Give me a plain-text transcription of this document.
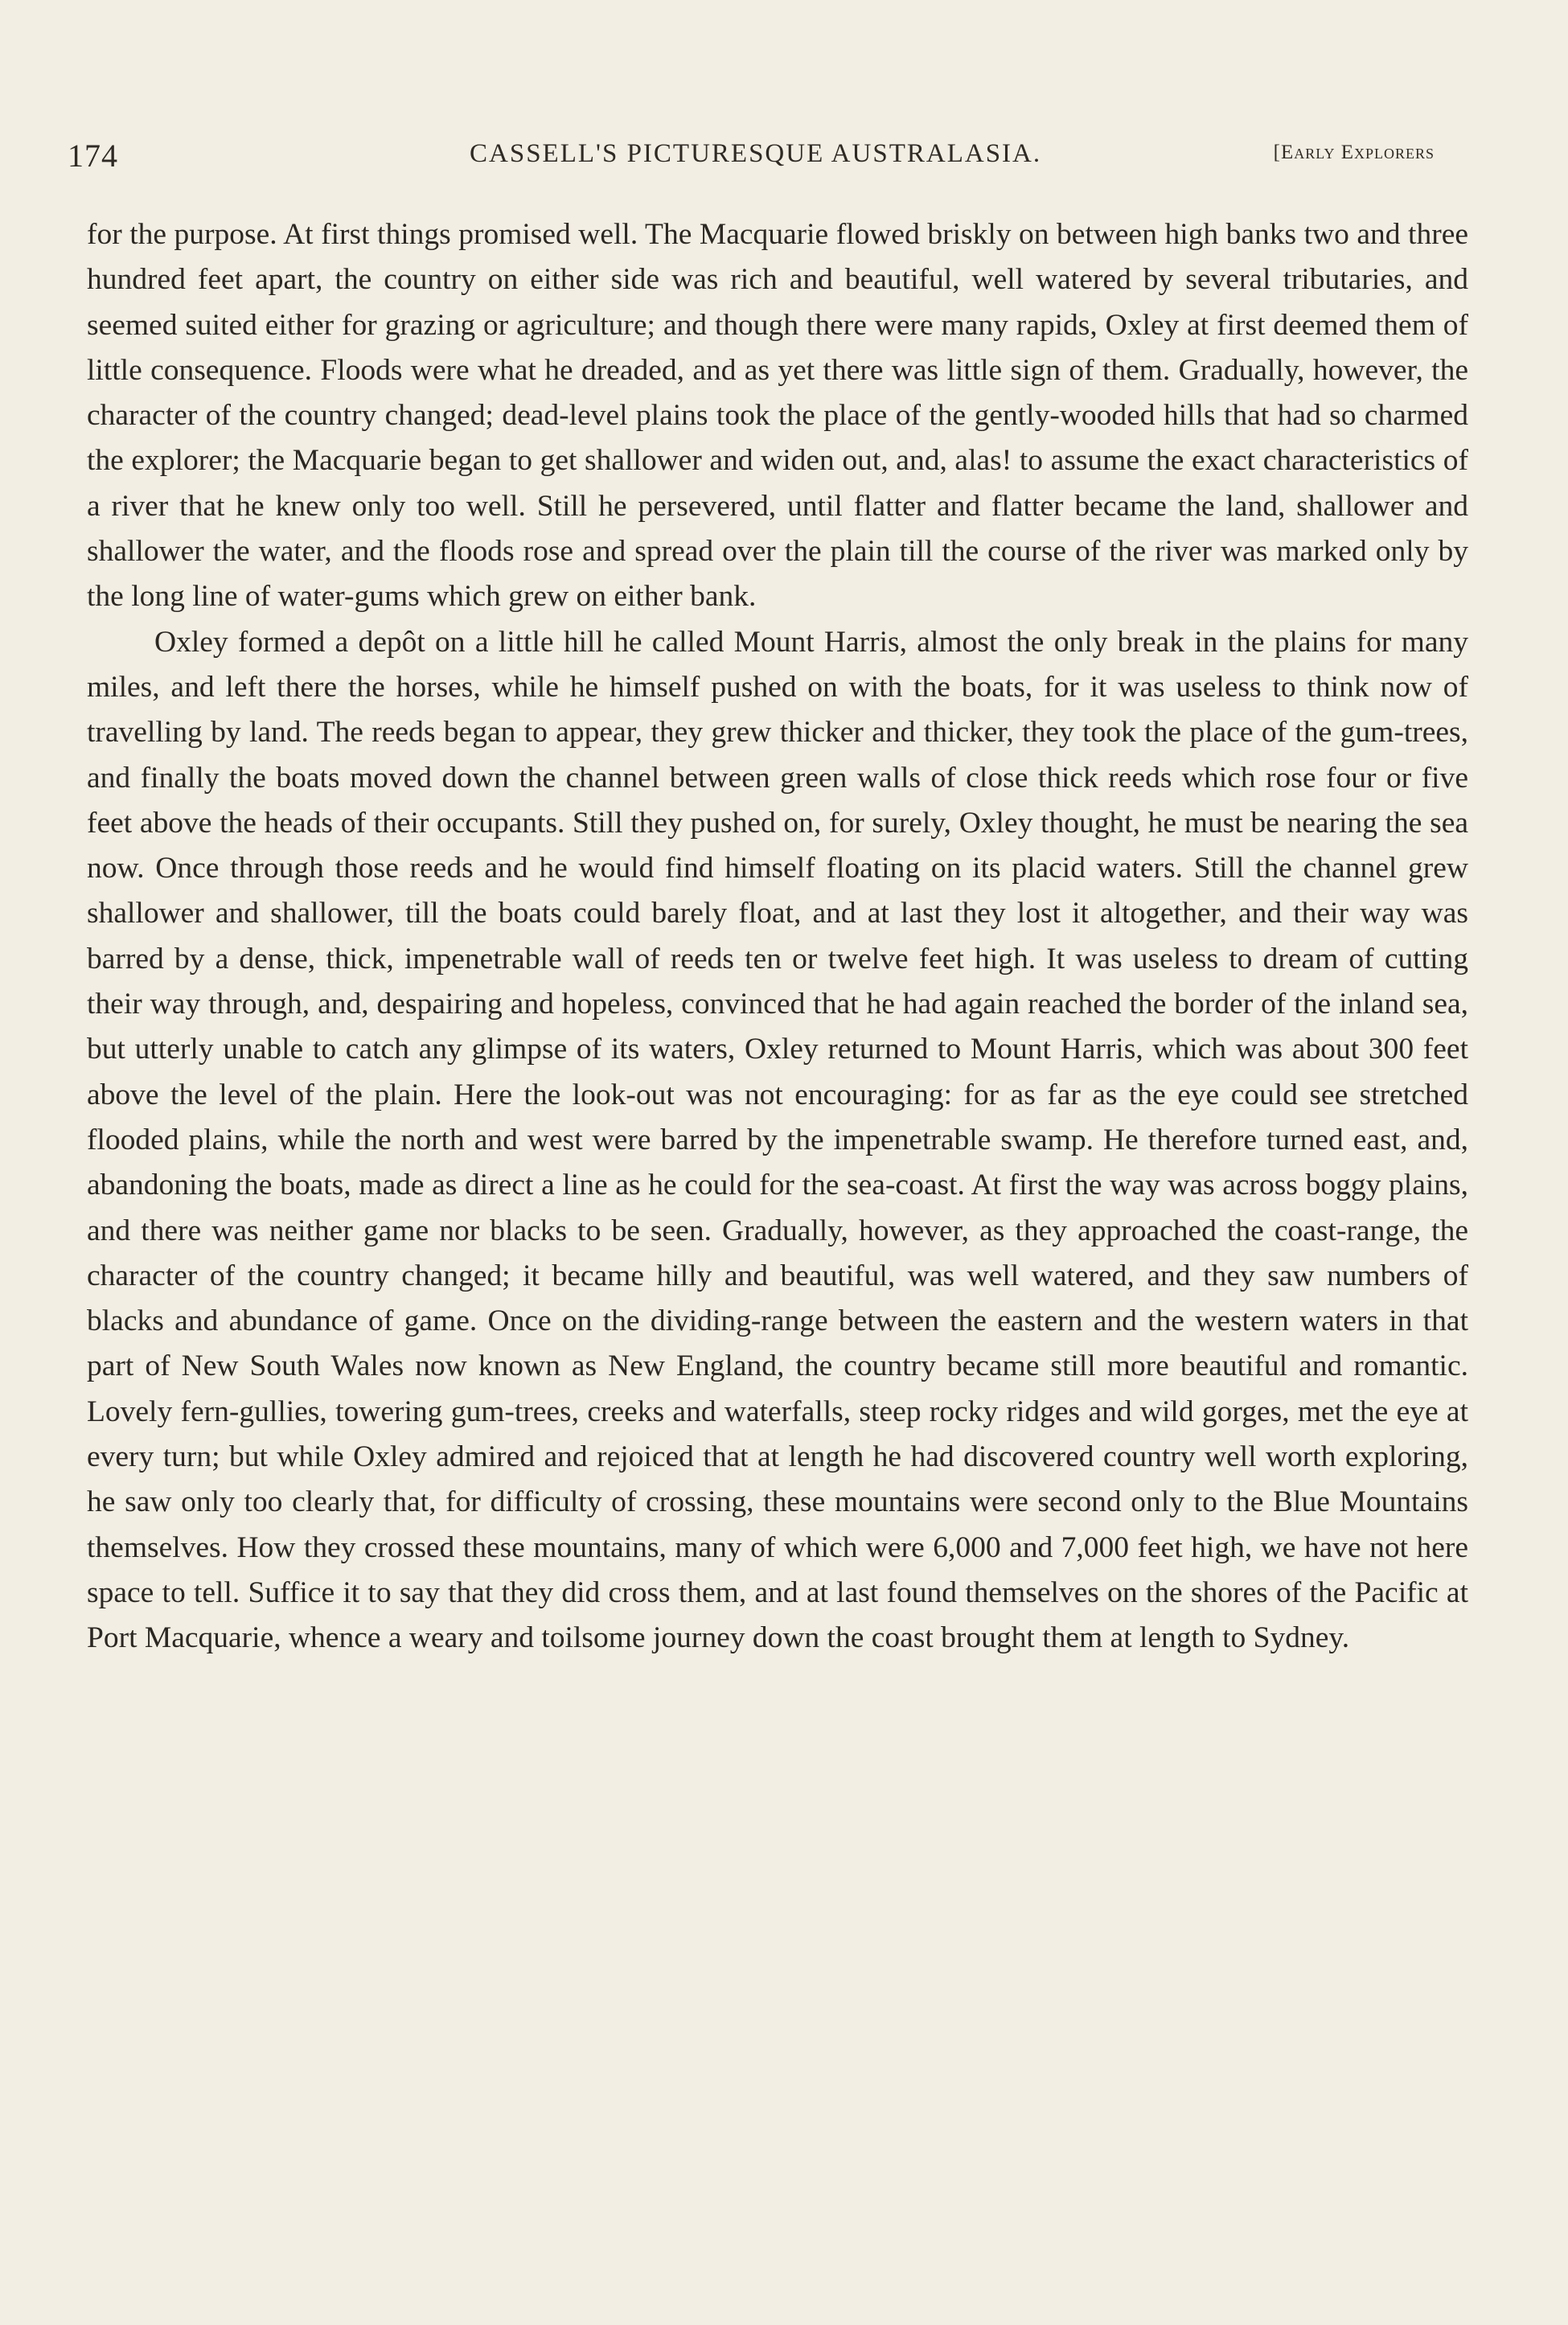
174	CASSELL'S PICTURESQUE AUSTRALASIA.	[Early Explorers

for the purpose. At first things promised well. The Macquarie flowed briskly on between high banks two and three hundred feet apart, the country on either side was rich and beautiful, well watered by several tributaries, and seemed suited either for grazing or agriculture; and though there were many rapids, Oxley at first deemed them of little consequence. Floods were what he dreaded, and as yet there was little sign of them. Gradually, however, the character of the country changed; dead-level plains took the place of the gently-wooded hills that had so charmed the explorer; the Macquarie began to get shallower and widen out, and, alas! to assume the exact characteristics of a river that he knew only too well. Still he persevered, until flatter and flatter became the land, shallower and shallower the water, and the floods rose and spread over the plain till the course of the river was marked only by the long line of water-gums which grew on either bank.

Oxley formed a depôt on a little hill he called Mount Harris, almost the only break in the plains for many miles, and left there the horses, while he himself pushed on with the boats, for it was useless to think now of travelling by land. The reeds began to appear, they grew thicker and thicker, they took the place of the gum-trees, and finally the boats moved down the channel between green walls of close thick reeds which rose four or five feet above the heads of their occupants. Still they pushed on, for surely, Oxley thought, he must be nearing the sea now. Once through those reeds and he would find himself floating on its placid waters. Still the channel grew shallower and shallower, till the boats could barely float, and at last they lost it altogether, and their way was barred by a dense, thick, impenetrable wall of reeds ten or twelve feet high. It was useless to dream of cutting their way through, and, despairing and hopeless, convinced that he had again reached the border of the inland sea, but utterly unable to catch any glimpse of its waters, Oxley returned to Mount Harris, which was about 300 feet above the level of the plain. Here the look-out was not encouraging: for as far as the eye could see stretched flooded plains, while the north and west were barred by the impenetrable swamp. He therefore turned east, and, abandoning the boats, made as direct a line as he could for the sea-coast. At first the way was across boggy plains, and there was neither game nor blacks to be seen. Gradually, however, as they approached the coast-range, the character of the country changed; it became hilly and beautiful, was well watered, and they saw numbers of blacks and abundance of game. Once on the dividing-range between the eastern and the western waters in that part of New South Wales now known as New England, the country became still more beautiful and romantic. Lovely fern-gullies, towering gum-trees, creeks and waterfalls, steep rocky ridges and wild gorges, met the eye at every turn; but while Oxley admired and rejoiced that at length he had discovered country well worth exploring, he saw only too clearly that, for difficulty of crossing, these mountains were second only to the Blue Mountains themselves. How they crossed these mountains, many of which were 6,000 and 7,000 feet high, we have not here space to tell. Suffice it to say that they did cross them, and at last found themselves on the shores of the Pacific at Port Macquarie, whence a weary and toilsome journey down the coast brought them at length to Sydney.
